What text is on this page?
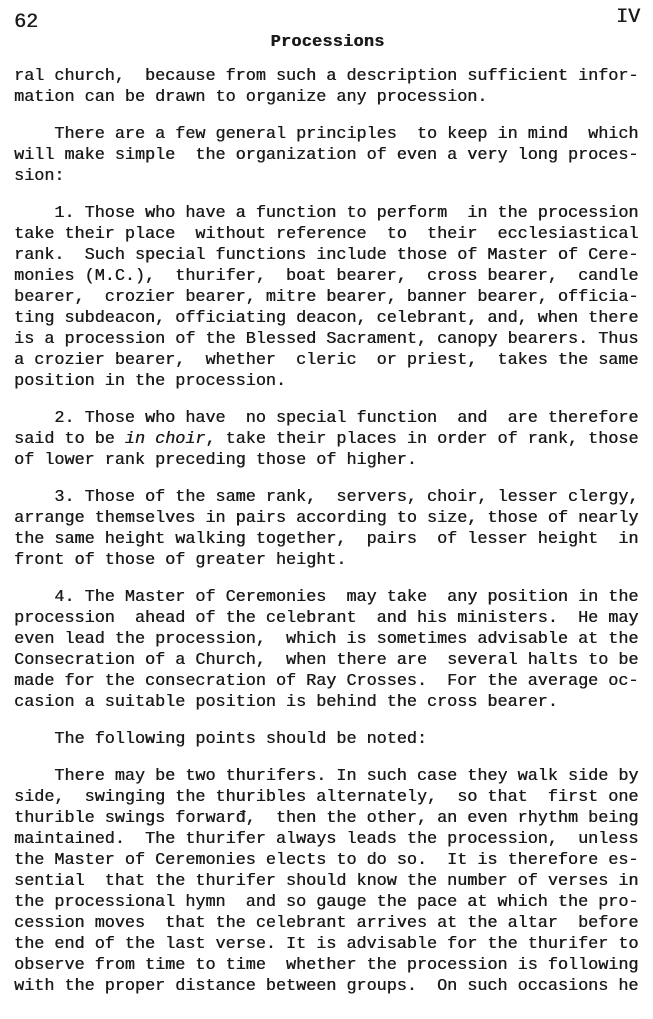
62	IV
Processions
ral church,  because from such a description sufficient infor-
mation can be drawn to organize any procession.
There are a few general principles  to keep in mind  which
will make simple  the organization of even a very long proces-
sion:
1. Those who have a function to perform  in the procession
take their place  without reference  to  their  ecclesiastical
rank.  Such special functions include those of Master of Cere-
monies (M.C.),  thurifer,  boat bearer,  cross bearer,  candle
bearer,  crozier bearer, mitre bearer, banner bearer, officia-
ting subdeacon, officiating deacon, celebrant, and, when there
is a procession of the Blessed Sacrament, canopy bearers. Thus
a crozier bearer,  whether  cleric  or priest,  takes the same
position in the procession.
2. Those who have  no special function  and  are therefore
said to be in choir, take their places in order of rank, those
of lower rank preceding those of higher.
3. Those of the same rank,  servers, choir, lesser clergy,
arrange themselves in pairs according to size, those of nearly
the same height walking together,  pairs  of lesser height  in
front of those of greater height.
4. The Master of Ceremonies  may take  any position in the
procession  ahead of the celebrant  and his ministers.  He may
even lead the procession,  which is sometimes advisable at the
Consecration of a Church,  when there are  several halts to be
made for the consecration of Ray Crosses.  For the average oc-
casion a suitable position is behind the cross bearer.
The following points should be noted:
There may be two thurifers. In such case they walk side by
side,  swinging the thuribles alternately,  so that  first one
thurible swings forwarđ,  then the other, an even rhythm being
maintained.  The thurifer always leads the procession,  unless
the Master of Ceremonies elects to do so.  It is therefore es-
sential  that the thurifer should know the number of verses in
the processional hymn  and so gauge the pace at which the pro-
cession moves  that the celebrant arrives at the altar  before
the end of the last verse. It is advisable for the thurifer to
observe from time to time  whether the procession is following
with the proper distance between groups.  On such occasions he
